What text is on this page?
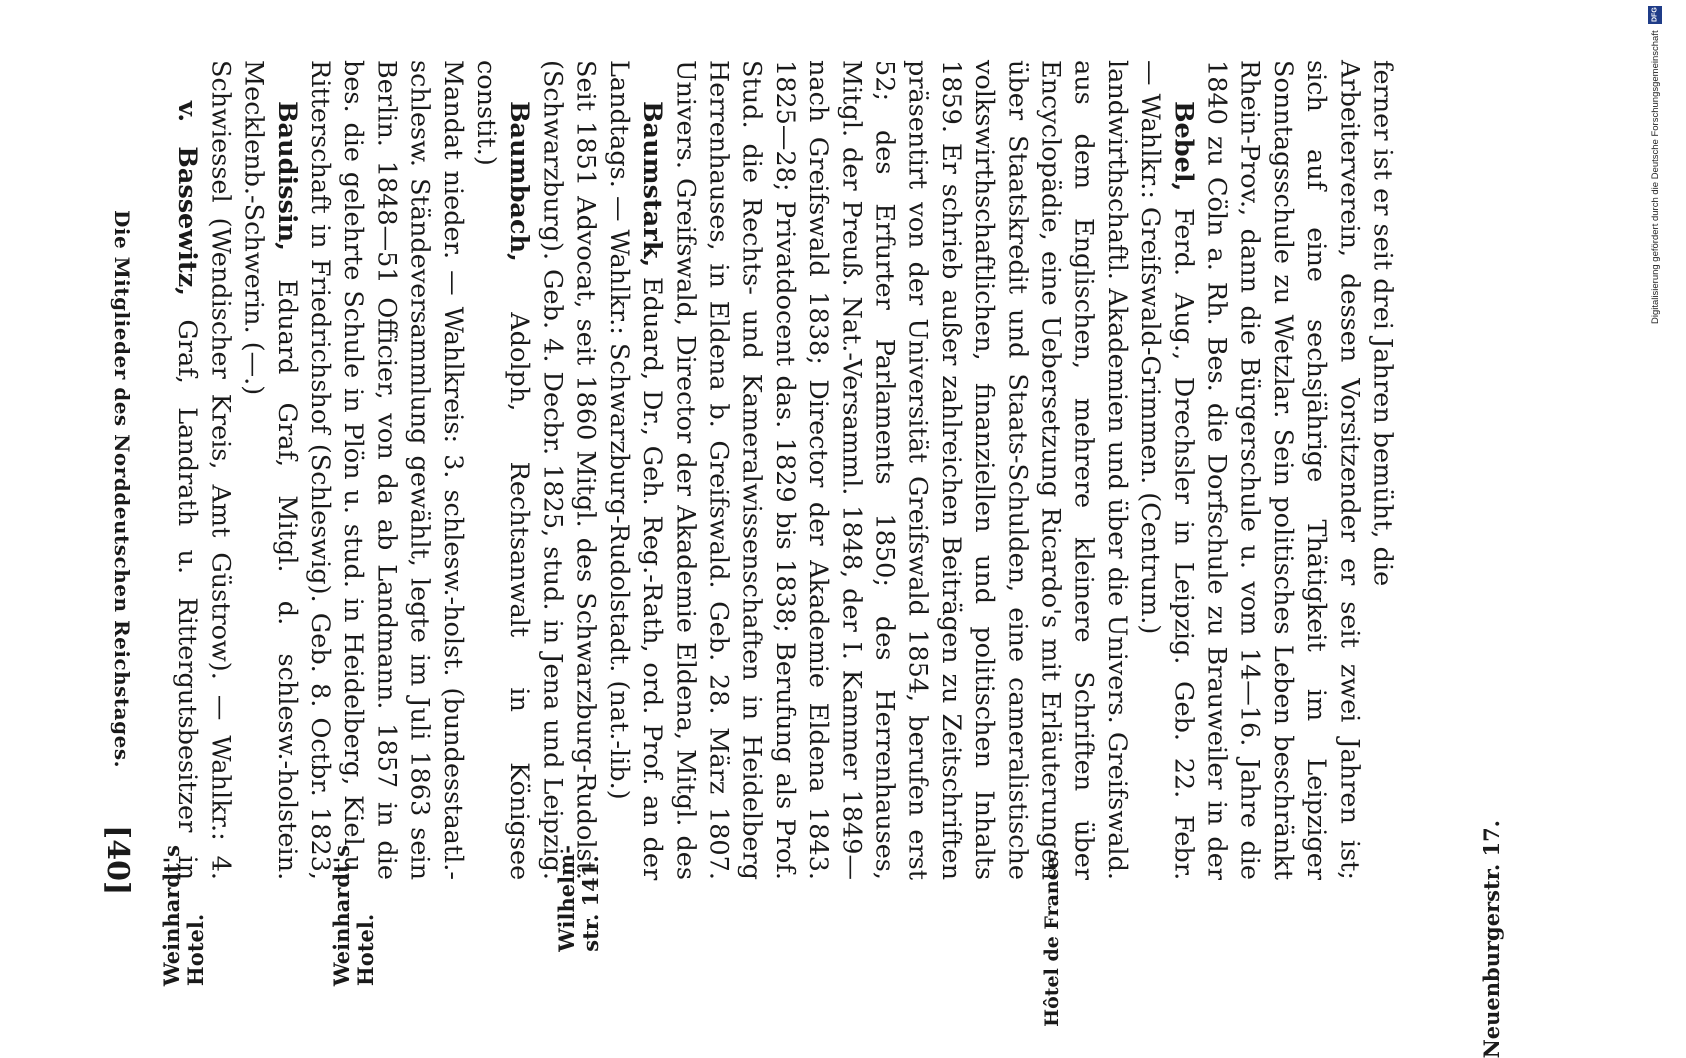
[40]
Die Mitglieder des Norddeutschen Reichstages.

v. Bassewitz, Graf, Landrath u. Rittergutsbesitzer in Schwiessel (Wendischer Kreis, Amt Güstrow). — Wahlkr.: 4. Mecklenb.-Schwerin. (—.) Baudissin, Eduard Graf, Mitgl. d. schlesw.-holstein. Ritterschaft in Friedrichshof (Schleswig). Geb. 8. Octbr. 1823, bes. die gelehrte Schule in Plön u. stud. in Heidelberg, Kiel u. Berlin. 1848—51 Officier, von da ab Landmann. 1857 in die schlesw. Ständeversammlung gewählt, legte im Juli 1863 sein Mandat nieder. — Wahlkreis: 3. schlesw.-holst. (bundesstaatl.-constit.) Baumbach, Adolph, Rechtsanwalt in Königsee (Schwarzburg). Geb. 4. Decbr. 1825, stud. in Jena und Leipzig. Seit 1851 Advocat, seit 1860 Mitgl. des Schwarzburg-Rudolst. Landtags. — Wahlkr.: Schwarzburg-Rudolstadt. (nat.-lib.) Baumstark, Eduard, Dr., Geh. Reg.-Rath, ord. Prof. an der Univers. Greifswald, Director der Akademie Eldena, Mitgl. des Herrenhauses, in Eldena b. Greifswald. Geb. 28. März 1807. Stud. die Rechts- und Kameralwissenschaften in Heidelberg 1825—28; Privatdocent das. 1829 bis 1838; Berufung als Prof. nach Greifswald 1838; Director der Akademie Eldena 1843. Mitgl. der Preuß. Nat.-Versamml. 1848, der I. Kammer 1849—52; des Erfurter Parlaments 1850; des Herrenhauses, präsentirt von der Universität Greifswald 1854, berufen erst 1859. Er schrieb außer zahlreichen Beiträgen zu Zeitschriften volkswirthschaftlichen, finanziellen und politischen Inhalts über Staatskredit und Staats-Schulden, eine cameralistische Encyclopädie, eine Uebersetzung Ricardo's mit Erläuterungen aus dem Englischen, mehrere kleinere Schriften über landwirthschaftl. Akademien und über die Univers. Greifswald. — Wahlkr.: Greifswald-Grimmen. (Centrum.) Bebel, Ferd. Aug., Drechsler in Leipzig. Geb. 22. Febr. 1840 zu Cöln a. Rh. Bes. die Dorfschule zu Brauweiler in der Rhein-Prov., dann die Bürgerschule u. vom 14—16. Jahre die Sonntagsschule zu Wetzlar. Sein politisches Leben beschränkt sich auf eine sechsjährige Thätigkeit im Leipziger Arbeiterverein, dessen Vorsitzender er seit zwei Jahren ist; ferner ist er seit drei Jahren bemüht, die

Weinhardt's
Hotel.	Weinhardt's
Hotel.	Wilhelm-
str. 141.	Hôtel de France.	Neuenburgerstr. 17.
DFG
Digitalisierung gefördert durch die Deutsche Forschungsgemeinschaft
